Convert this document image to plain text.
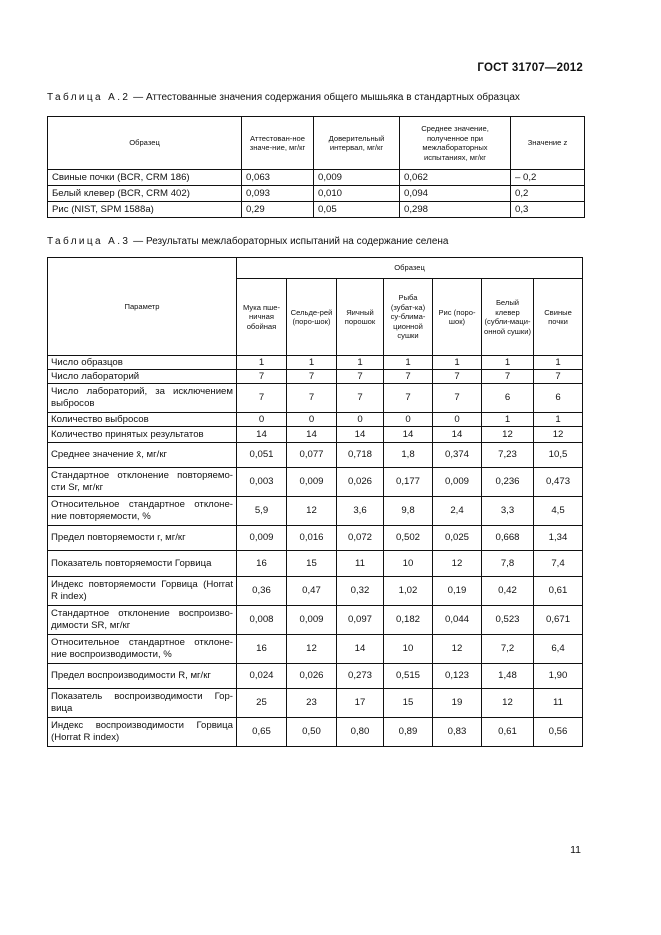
ГОСТ 31707—2012
Таблица А.2 — Аттестованные значения содержания общего мышьяка в стандартных образцах
Образец	Аттестован-ное значе-ние, мг/кг	Доверительный интервал, мг/кг	Среднее значение, полученное при межлабораторных испытаниях, мг/кг	Значение z
Свиные почки (BCR, CRM 186)	0,063	0,009	0,062	– 0,2
Белый клевер (BCR, CRM 402)	0,093	0,010	0,094	0,2
Рис (NIST, SPM 1588a)	0,29	0,05	0,298	0,3
Таблица А.3 — Результаты межлабораторных испытаний на содержание селена
Параметр	Образец						
	Мука пше-ничная обойная	Сельде-рей (поро-шок)	Яичный порошок	Рыба (зубат-ка) су-блима-ционной сушки	Рис (поро-шок)	Белый клевер (субли-маци-онной сушки)	Свиные почки
Число образцов	1	1	1	1	1	1	1
Число лабораторий	7	7	7	7	7	7	7
Число лабораторий, за исключением выбросов	7	7	7	7	7	6	6
Количество выбросов	0	0	0	0	0	1	1
Количество принятых результатов	14	14	14	14	14	12	12
Среднее значение x̄, мг/кг	0,051	0,077	0,718	1,8	0,374	7,23	10,5
Стандартное отклонение повторяемо-сти Sr, мг/кг	0,003	0,009	0,026	0,177	0,009	0,236	0,473
Относительное стандартное отклоне-ние повторяемости, %	5,9	12	3,6	9,8	2,4	3,3	4,5
Предел повторяемости r, мг/кг	0,009	0,016	0,072	0,502	0,025	0,668	1,34
Показатель повторяемости Горвица	16	15	11	10	12	7,8	7,4
Индекс повторяемости Горвица (Horrat R index)	0,36	0,47	0,32	1,02	0,19	0,42	0,61
Стандартное отклонение воспроизво-димости SR, мг/кг	0,008	0,009	0,097	0,182	0,044	0,523	0,671
Относительное стандартное отклоне-ние воспроизводимости, %	16	12	14	10	12	7,2	6,4
Предел воспроизводимости R, мг/кг	0,024	0,026	0,273	0,515	0,123	1,48	1,90
Показатель воспроизводимости Гор-вица	25	23	17	15	19	12	11
Индекс воспроизводимости Горвица (Horrat R index)	0,65	0,50	0,80	0,89	0,83	0,61	0,56
11
